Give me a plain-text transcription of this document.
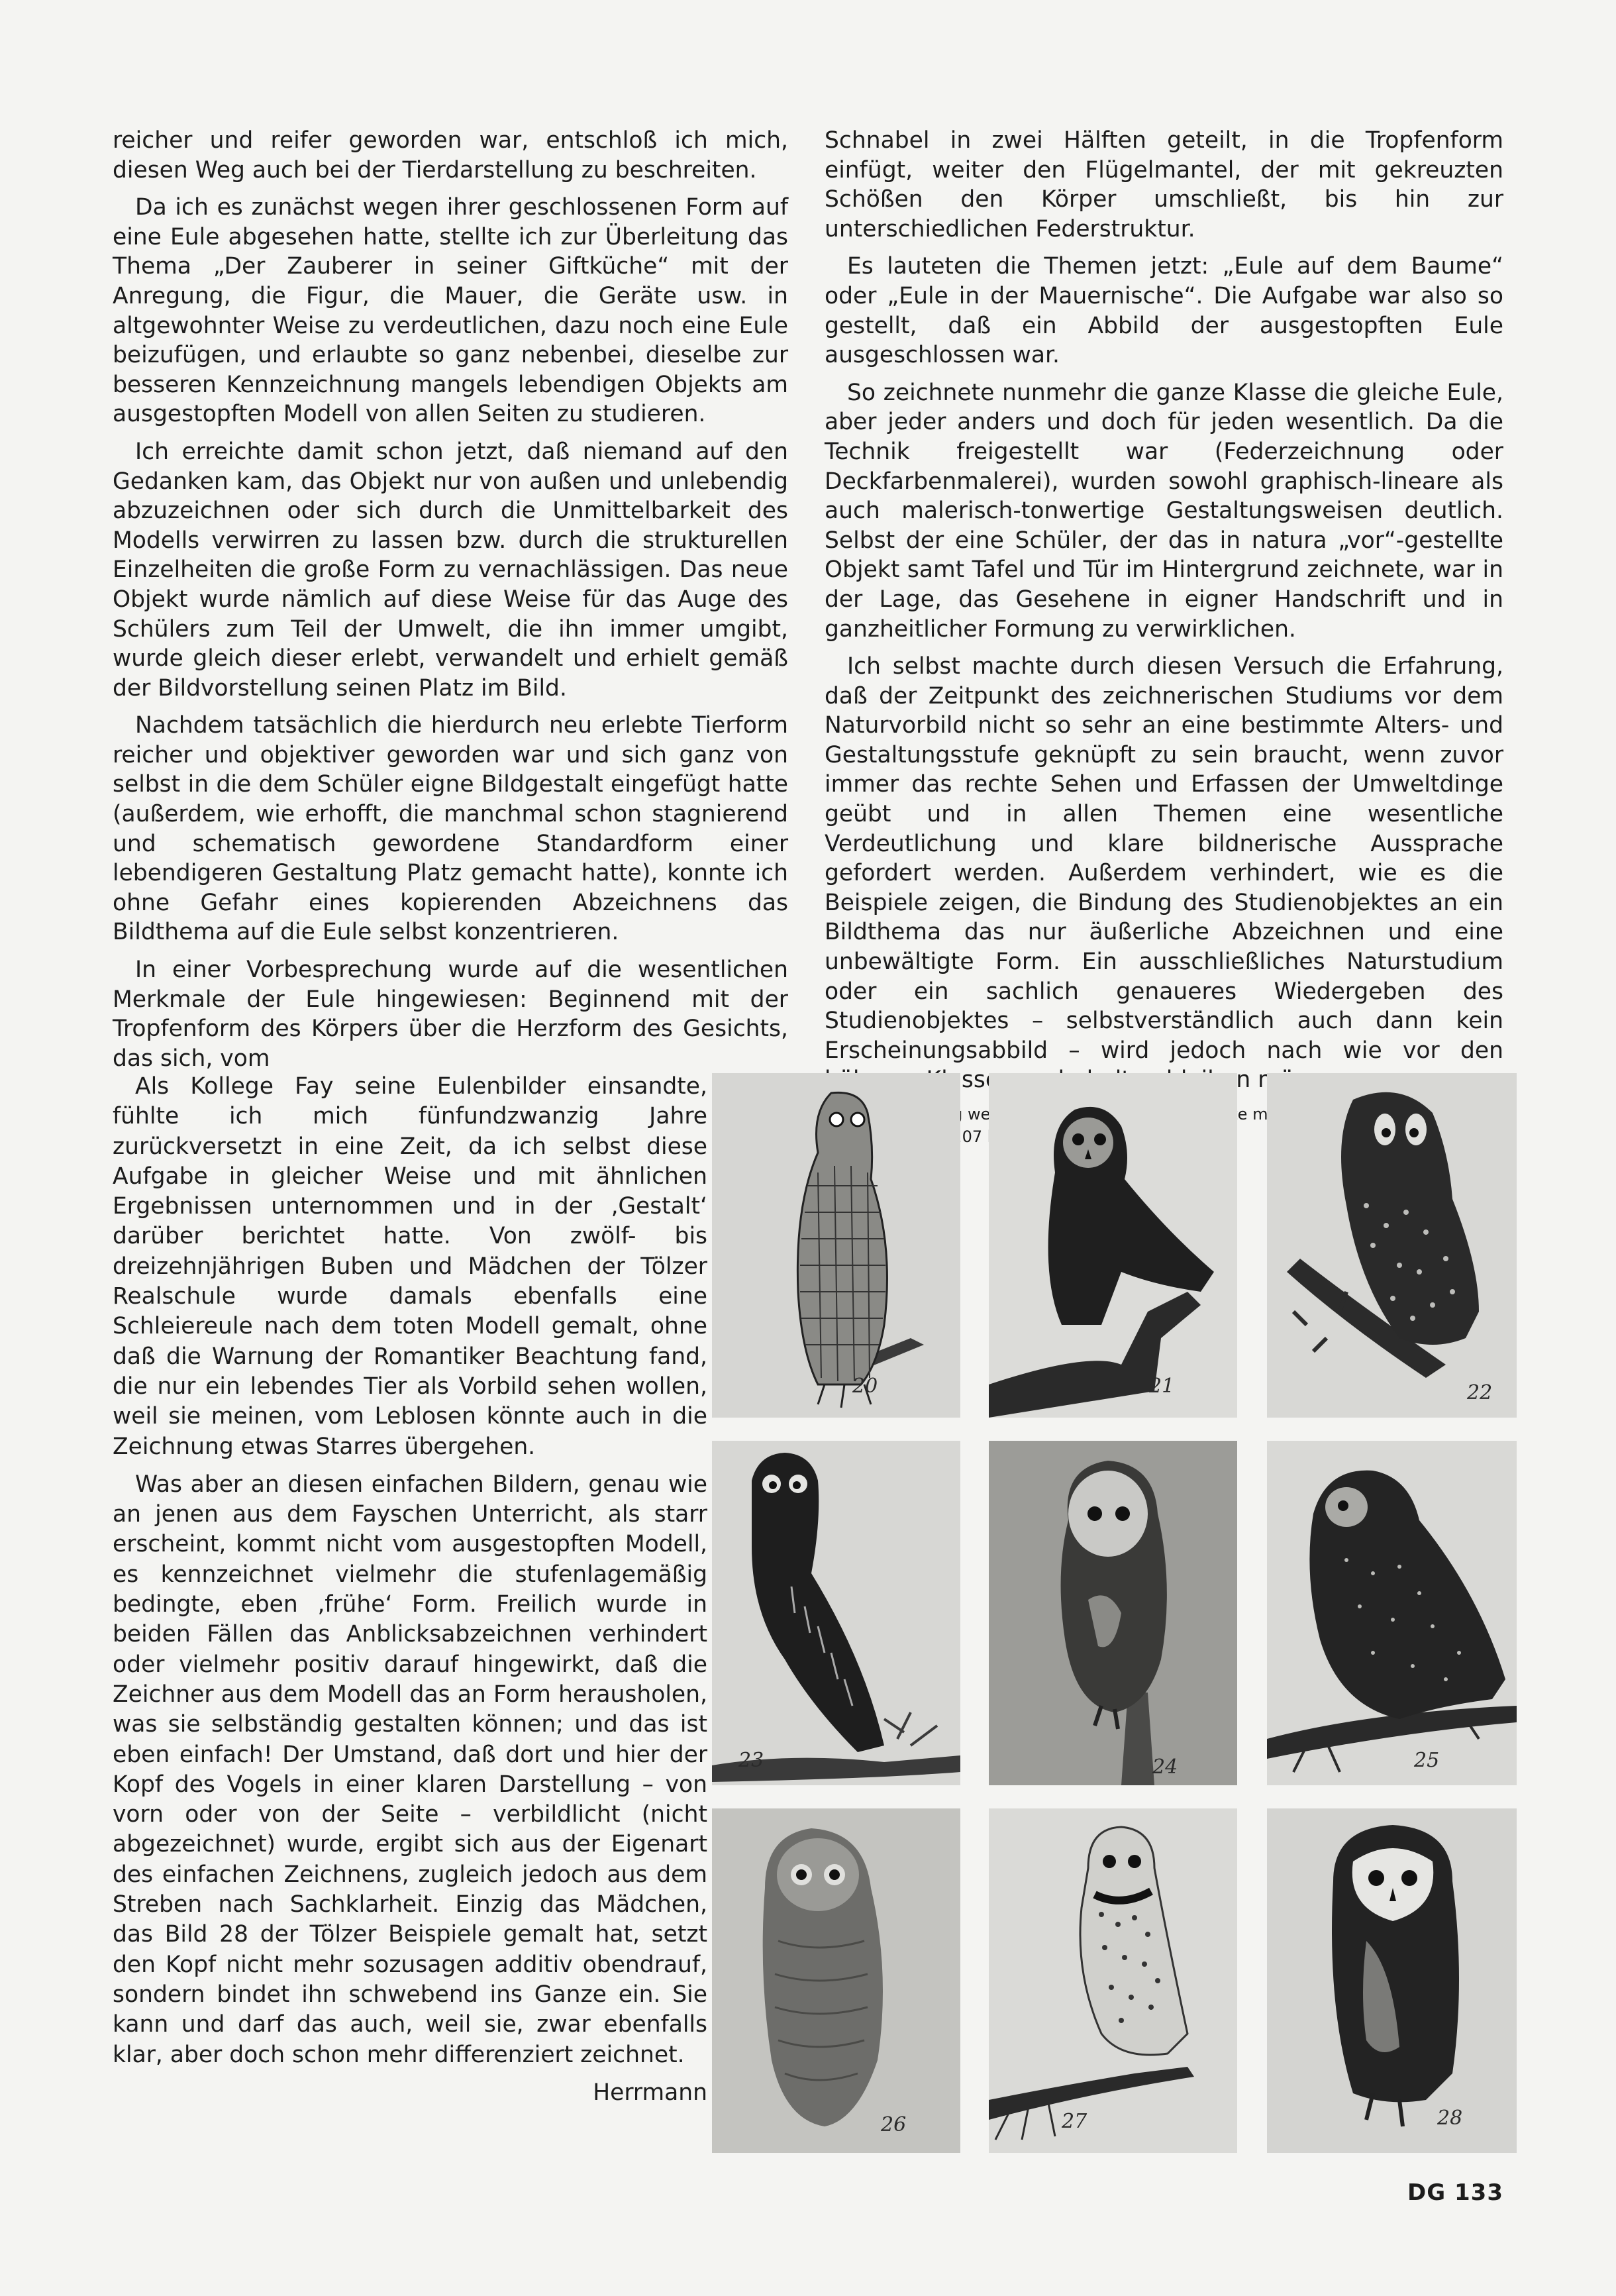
reicher und reifer geworden war, entschloß ich mich, diesen Weg auch bei der Tierdarstellung zu beschreiten.

Da ich es zunächst wegen ihrer geschlossenen Form auf eine Eule abgesehen hatte, stellte ich zur Überleitung das Thema „Der Zauberer in seiner Giftküche“ mit der Anregung, die Figur, die Mauer, die Geräte usw. in altgewohnter Weise zu verdeutlichen, dazu noch eine Eule beizufügen, und erlaubte so ganz nebenbei, dieselbe zur besseren Kennzeichnung mangels lebendigen Objekts am ausgestopften Modell von allen Seiten zu studieren.

Ich erreichte damit schon jetzt, daß niemand auf den Gedanken kam, das Objekt nur von außen und unlebendig abzuzeichnen oder sich durch die Unmittelbarkeit des Modells verwirren zu lassen bzw. durch die strukturellen Einzelheiten die große Form zu vernachlässigen. Das neue Objekt wurde nämlich auf diese Weise für das Auge des Schülers zum Teil der Umwelt, die ihn immer umgibt, wurde gleich dieser erlebt, verwandelt und erhielt gemäß der Bildvorstellung seinen Platz im Bild.

Nachdem tatsächlich die hierdurch neu erlebte Tierform reicher und objektiver geworden war und sich ganz von selbst in die dem Schüler eigne Bildgestalt eingefügt hatte (außerdem, wie erhofft, die manchmal schon stagnierend und schematisch gewordene Standardform einer lebendigeren Gestaltung Platz gemacht hatte), konnte ich ohne Gefahr eines kopierenden Abzeichnens das Bildthema auf die Eule selbst konzentrieren.

In einer Vorbesprechung wurde auf die wesentlichen Merkmale der Eule hingewiesen: Beginnend mit der Tropfenform des Körpers über die Herzform des Gesichts, das sich, vom

Schnabel in zwei Hälften geteilt, in die Tropfenform einfügt, weiter den Flügelmantel, der mit gekreuzten Schößen den Körper umschließt, bis hin zur unterschiedlichen Federstruktur.

Es lauteten die Themen jetzt: „Eule auf dem Baume“ oder „Eule in der Mauernische“. Die Aufgabe war also so gestellt, daß ein Abbild der ausgestopften Eule ausgeschlossen war.

So zeichnete nunmehr die ganze Klasse die gleiche Eule, aber jeder anders und doch für jeden wesentlich. Da die Technik freigestellt war (Federzeichnung oder Deckfarbenmalerei), wurden sowohl graphisch-lineare als auch malerisch-tonwertige Gestaltungsweisen deutlich. Selbst der eine Schüler, der das in natura „vor“-gestellte Objekt samt Tafel und Tür im Hintergrund zeichnete, war in der Lage, das Gesehene in eigner Handschrift und in ganzheitlicher Formung zu verwirklichen.

Ich selbst machte durch diesen Versuch die Erfahrung, daß der Zeitpunkt des zeichnerischen Studiums vor dem Naturvorbild nicht so sehr an eine bestimmte Alters- und Gestaltungsstufe geknüpft zu sein braucht, wenn zuvor immer das rechte Sehen und Erfassen der Umweltdinge geübt und in allen Themen eine wesentliche Verdeutlichung und klare bildnerische Aussprache gefordert werden. Außerdem verhindert, wie es die Beispiele zeigen, die Bindung des Studienobjektes an ein Bildthema das nur äußerliche Abzeichnen und eine unbewältigte Form. Ein ausschließliches Naturstudium oder ein sachlich genaueres Wiedergeben des Studienobjektes – selbstverständlich auch dann kein Erscheinungsabbild – wird jedoch nach wie vor den Klassen

mit

Als Kollege Fay seine Eulenbilder einsandte, fühlte ich mich fünfundzwanzig Jahre zurückversetzt in eine Zeit, da ich selbst diese Aufgabe in gleicher Weise und mit ähnlichen Ergebnissen unternommen und in der ‚Gestalt‘ darüber berichtet hatte. Von zwölf- bis dreizehnjährigen Buben und Mädchen der Tölzer Realschule wurde damals ebenfalls eine Schleiereule nach dem toten Modell gemalt, ohne daß die Warnung der Romantiker Beachtung fand, die nur ein lebendes Tier als Vorbild sehen wollen, weil sie meinen, vom Leblosen könnte auch in die Zeichnung etwas Starres übergehen.

Was aber an diesen einfachen Bildern, genau wie an jenen aus dem Fayschen Unterricht, als starr erscheint, kommt nicht vom ausgestopften Modell, es kennzeichnet vielmehr die stufenlagemäßig bedingte, eben ‚frühe‘ Form. Freilich wurde in beiden Fällen das Anblicksabzeichnen verhindert oder vielmehr positiv darauf hingewirkt, daß die Zeichner aus dem Modell das an Form herausholen, was sie selbständig gestalten können; und das ist eben einfach! Der Umstand, daß dort und hier der Kopf des Vogels in einer klaren Darstellung – von vorn oder von der Seite – verbildlicht (nicht abgezeichnet) wurde, ergibt sich aus der Eigenart des einfachen Zeichnens, zugleich jedoch aus dem Streben nach Sachklarheit. Einzig das Mädchen, das Bild 28 der Tölzer Beispiele gemalt hat, setzt den Kopf nicht mehr sozusagen additiv obendrauf, sondern bindet ihn schwebend ins Ganze ein. Sie kann und darf das auch, weil sie, zwar ebenfalls klar, aber doch schon mehr differenziert zeichnet.

Herrmann

20	21	22
23	24	25
26	27	28
DG 133
